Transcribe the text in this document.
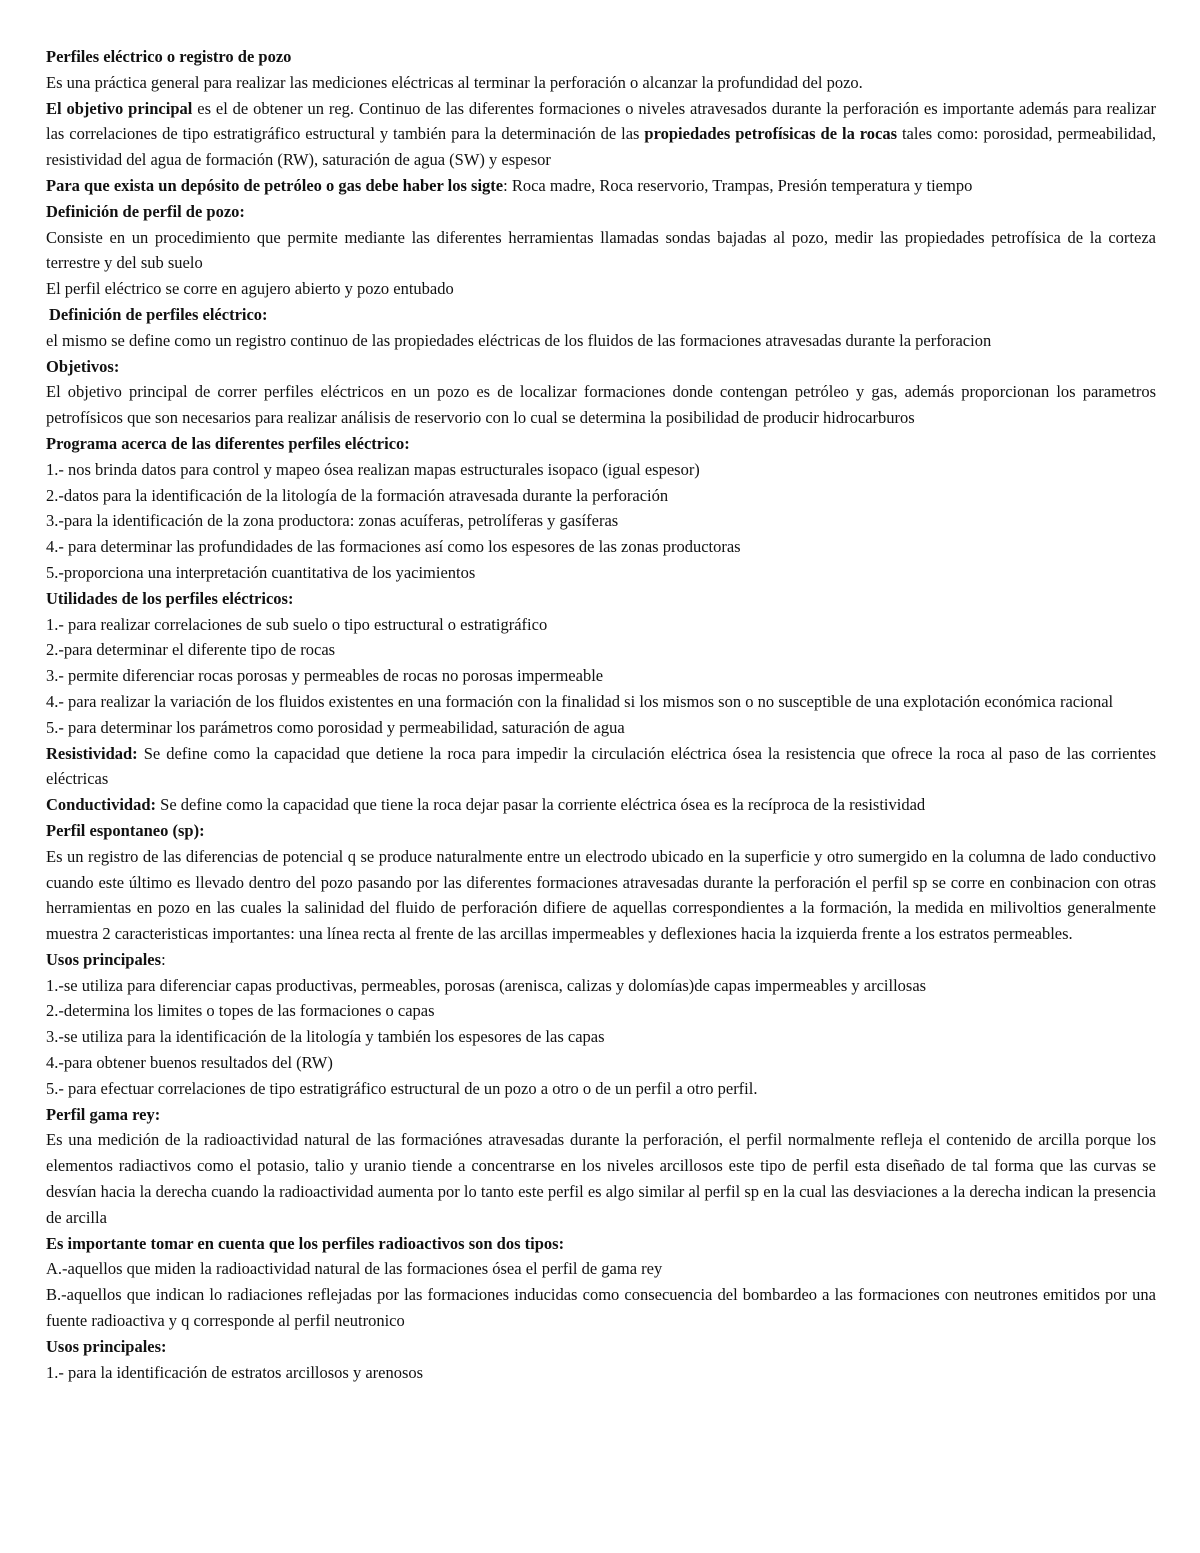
Perfiles eléctrico o registro de pozo

Es una práctica general para realizar las mediciones eléctricas al terminar la perforación o alcanzar la profundidad del pozo.

El objetivo principal es el de obtener un reg. Continuo de las diferentes formaciones o niveles atravesados durante la perforación es importante además para realizar las correlaciones de tipo estratigráfico estructural y también para la determinación de las propiedades petrofísicas de la rocas tales como: porosidad, permeabilidad, resistividad del agua de formación (RW), saturación de agua (SW) y espesor

Para que exista un depósito de petróleo o gas debe haber los sigte: Roca madre, Roca reservorio, Trampas, Presión temperatura y tiempo

Definición de perfil de pozo:

Consiste en un procedimiento que permite mediante las diferentes herramientas llamadas sondas bajadas al pozo, medir las propiedades petrofísica de la corteza terrestre y del sub suelo

El perfil eléctrico se corre en agujero abierto y pozo entubado

Definición de perfiles eléctrico:

el mismo se define como un registro continuo de las propiedades eléctricas de los fluidos de las formaciones atravesadas durante la perforacion

Objetivos:

El objetivo principal de correr perfiles eléctricos en un pozo es de localizar formaciones donde contengan petróleo y gas, además proporcionan los parametros petrofísicos que son necesarios para realizar análisis de reservorio con lo cual se determina la posibilidad de producir hidrocarburos

Programa acerca de las diferentes perfiles eléctrico:

1.- nos brinda datos para control y mapeo ósea realizan mapas estructurales isopaco (igual espesor)

2.-datos para la identificación de la litología de la formación atravesada durante la perforación

3.-para la identificación de la zona productora: zonas acuíferas, petrolíferas y gasíferas

4.- para determinar las profundidades de las formaciones así como los espesores de las zonas productoras

5.-proporciona una interpretación cuantitativa de los yacimientos

Utilidades de los perfiles eléctricos:

1.- para realizar correlaciones de sub suelo o tipo estructural o estratigráfico

2.-para determinar el diferente tipo de rocas

3.- permite diferenciar rocas porosas y permeables de rocas no porosas impermeable

4.- para realizar la variación de los fluidos existentes en una formación con la finalidad si los mismos son o no susceptible de una explotación económica racional

5.- para determinar los parámetros como porosidad y permeabilidad, saturación de agua

Resistividad: Se define como la capacidad que detiene la roca para impedir la circulación eléctrica ósea la resistencia que ofrece la roca al paso de las corrientes eléctricas

Conductividad: Se define como la capacidad que tiene la roca dejar pasar la corriente eléctrica ósea es la recíproca de la resistividad

Perfil espontaneo (sp):

Es un registro de las diferencias de potencial q se produce naturalmente entre un electrodo ubicado en la superficie y otro sumergido en la columna de lado conductivo cuando este último es llevado dentro del pozo pasando por las diferentes formaciones atravesadas durante la perforación el perfil sp se corre en conbinacion con otras herramientas en pozo en las cuales la salinidad del fluido de perforación difiere de aquellas correspondientes a la formación, la medida en milivoltios generalmente muestra 2 caracteristicas importantes: una línea recta al frente de las arcillas impermeables y deflexiones hacia la izquierda frente a los estratos permeables.

Usos principales:

1.-se utiliza para diferenciar capas productivas, permeables, porosas (arenisca, calizas y dolomías)de capas impermeables y arcillosas

2.-determina los limites o topes de las formaciones o capas

3.-se utiliza para la identificación de la litología y también los espesores de las capas

4.-para obtener buenos resultados del (RW)

5.- para efectuar correlaciones de tipo estratigráfico estructural de un pozo a otro o de un perfil a otro perfil.

Perfil gama rey:

Es una medición de la radioactividad natural de las formaciónes atravesadas durante la perforación, el perfil normalmente refleja el contenido de arcilla porque los elementos radiactivos como el potasio, talio y uranio tiende a concentrarse en los niveles arcillosos este tipo de perfil esta diseñado de tal forma que las curvas se desvían hacia la derecha cuando la radioactividad aumenta por lo tanto este perfil es algo similar al perfil sp en la cual las desviaciones a la derecha indican la presencia de arcilla

Es importante tomar en cuenta que los perfiles radioactivos son dos tipos:

A.-aquellos que miden la radioactividad natural de las formaciones ósea el perfil de gama rey

B.-aquellos que indican lo radiaciones reflejadas por las formaciones inducidas como consecuencia del bombardeo a las formaciones con neutrones emitidos por una fuente radioactiva y q corresponde al perfil neutronico

Usos principales:

1.- para la identificación de estratos arcillosos y arenosos
